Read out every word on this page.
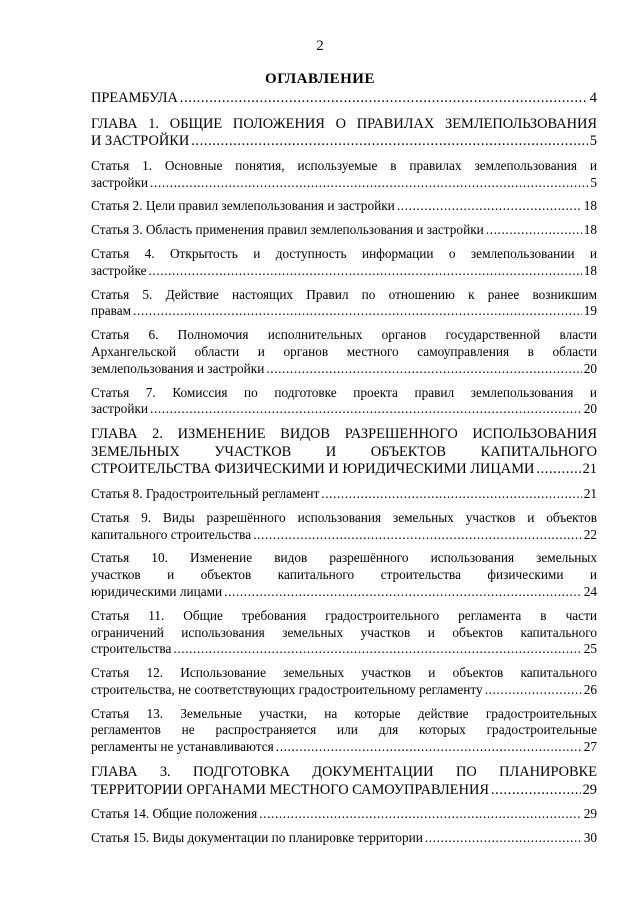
2
ОГЛАВЛЕНИЕ
ПРЕАМБУЛА .....	4
ГЛАВА 1. ОБЩИЕ ПОЛОЖЕНИЯ О ПРАВИЛАХ ЗЕМЛЕПОЛЬЗОВАНИЯ
И ЗАСТРОЙКИ .....	5
Статья 1. Основные понятия, используемые в правилах землепользования и
застройки .....	5
Статья 2. Цели правил землепользования и застройки .....	18
Статья 3. Область применения правил землепользования и застройки .....	18
Статья 4. Открытость и доступность информации о землепользовании и
застройке .....	18
Статья 5. Действие настоящих Правил по отношению к ранее возникшим
правам .....	19
Статья 6. Полномочия исполнительных органов государственной власти
Архангельской области и органов местного самоуправления в области
землепользования и застройки .....	20
Статья 7. Комиссия по подготовке проекта правил землепользования и
застройки .....	20
ГЛАВА 2. ИЗМЕНЕНИЕ ВИДОВ РАЗРЕШЕННОГО ИСПОЛЬЗОВАНИЯ
ЗЕМЕЛЬНЫХ УЧАСТКОВ И ОБЪЕКТОВ КАПИТАЛЬНОГО
СТРОИТЕЛЬСТВА ФИЗИЧЕСКИМИ И ЮРИДИЧЕСКИМИ ЛИЦАМИ .....	21
Статья 8. Градостроительный регламент .....	21
Статья 9. Виды разрешённого использования земельных участков и объектов
капитального строительства .....	22
Статья 10. Изменение видов разрешённого использования земельных
участков и объектов капитального строительства физическими и
юридическими лицами .....	24
Статья 11. Общие требования градостроительного регламента в части
ограничений использования земельных участков и объектов капитального
строительства .....	25
Статья 12. Использование земельных участков и объектов капитального
строительства, не соответствующих градостроительному регламенту .....	26
Статья 13. Земельные участки, на которые действие градостроительных
регламентов не распространяется или для которых градостроительные
регламенты не устанавливаются .....	27
ГЛАВА 3. ПОДГОТОВКА ДОКУМЕНТАЦИИ ПО ПЛАНИРОВКЕ
ТЕРРИТОРИИ ОРГАНАМИ МЕСТНОГО САМОУПРАВЛЕНИЯ .....	29
Статья 14. Общие положения .....	29
Статья 15. Виды документации по планировке территории .....	30
